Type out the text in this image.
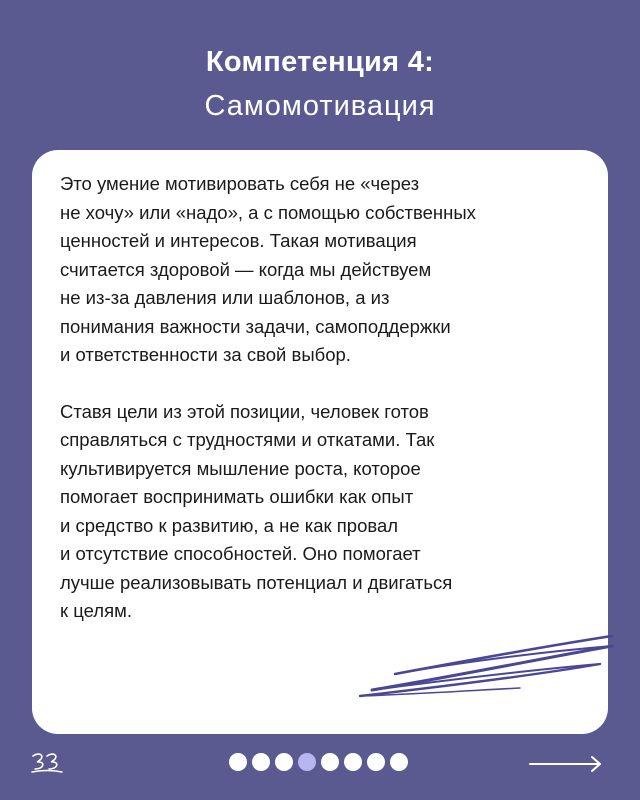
Компетенция 4:
Самомотивация

Это умение мотивировать себя не «через
не хочу» или «надо», а с помощью собственных
ценностей и интересов. Такая мотивация
считается здоровой — когда мы действуем
не из-за давления или шаблонов, а из
понимания важности задачи, самоподдержки
и ответственности за свой выбор.

Ставя цели из этой позиции, человек готов
справляться с трудностями и откатами. Так
культивируется мышление роста, которое
помогает воспринимать ошибки как опыт
и средство к развитию, а не как провал
и отсутствие способностей. Оно помогает
лучше реализовывать потенциал и двигаться
к целям.
